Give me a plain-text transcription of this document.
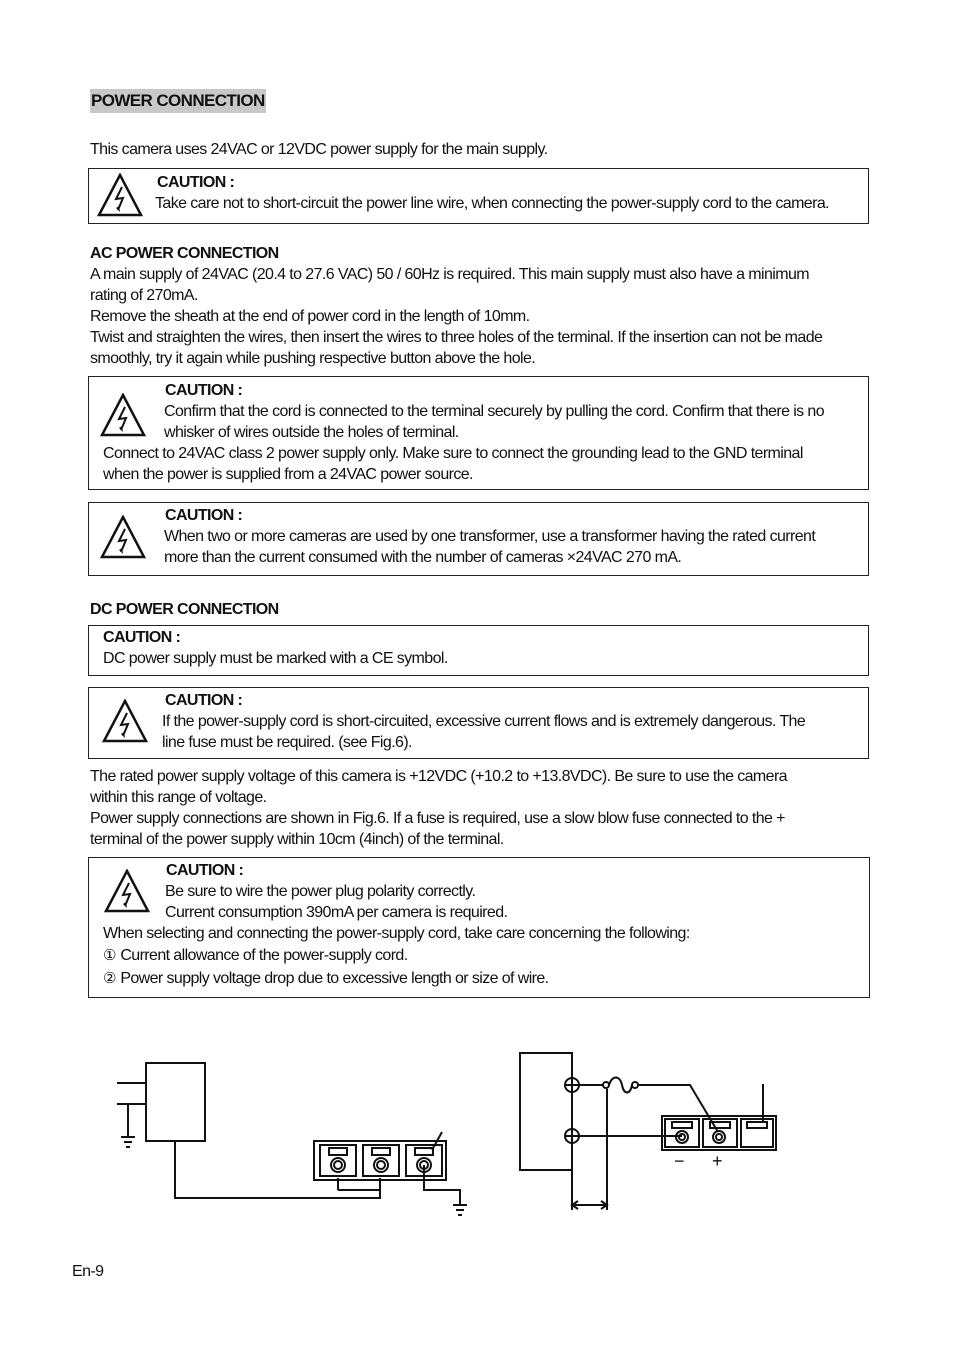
POWER CONNECTION
This camera uses 24VAC or 12VDC power supply for the main supply.
CAUTION :
Take care not to short-circuit the power line wire, when connecting the power-supply cord to the camera.
AC POWER CONNECTION
A main supply of 24VAC (20.4 to 27.6 VAC) 50 / 60Hz is required. This main supply must also have a minimum
rating of 270mA.
Remove the sheath at the end of power cord in the length of 10mm.
Twist and straighten the wires, then insert the wires to three holes of the terminal. If the insertion can not be made
smoothly, try it again while pushing respective button above the hole.
CAUTION :
Confirm that the cord is connected to the terminal securely by pulling the cord. Confirm that there is no
whisker of wires outside the holes of terminal.
Connect to 24VAC class 2 power supply only. Make sure to connect the grounding lead to the GND terminal
when the power is supplied from a 24VAC power source.
CAUTION :
When two or more cameras are used by one transformer, use a transformer having the rated current
more than the current consumed with the number of cameras ×24VAC 270 mA.
DC POWER CONNECTION
CAUTION :
DC power supply must be marked with a CE symbol.
CAUTION :
If the power-supply cord is short-circuited, excessive current flows and is extremely dangerous. The
line fuse must be required. (see Fig.6).
The rated power supply voltage of this camera is +12VDC (+10.2 to +13.8VDC). Be sure to use the camera
within this range of voltage.
Power supply connections are shown in Fig.6. If a fuse is required, use a slow blow fuse connected to the +
terminal of the power supply within 10cm (4inch) of the terminal.
CAUTION :
Be sure to wire the power plug polarity correctly.
Current consumption 390mA per camera is required.
When selecting and connecting the power-supply cord, take care concerning the following:
① Current allowance of the power-supply cord.
② Power supply voltage drop due to excessive length or size of wire.
− +
En-9
